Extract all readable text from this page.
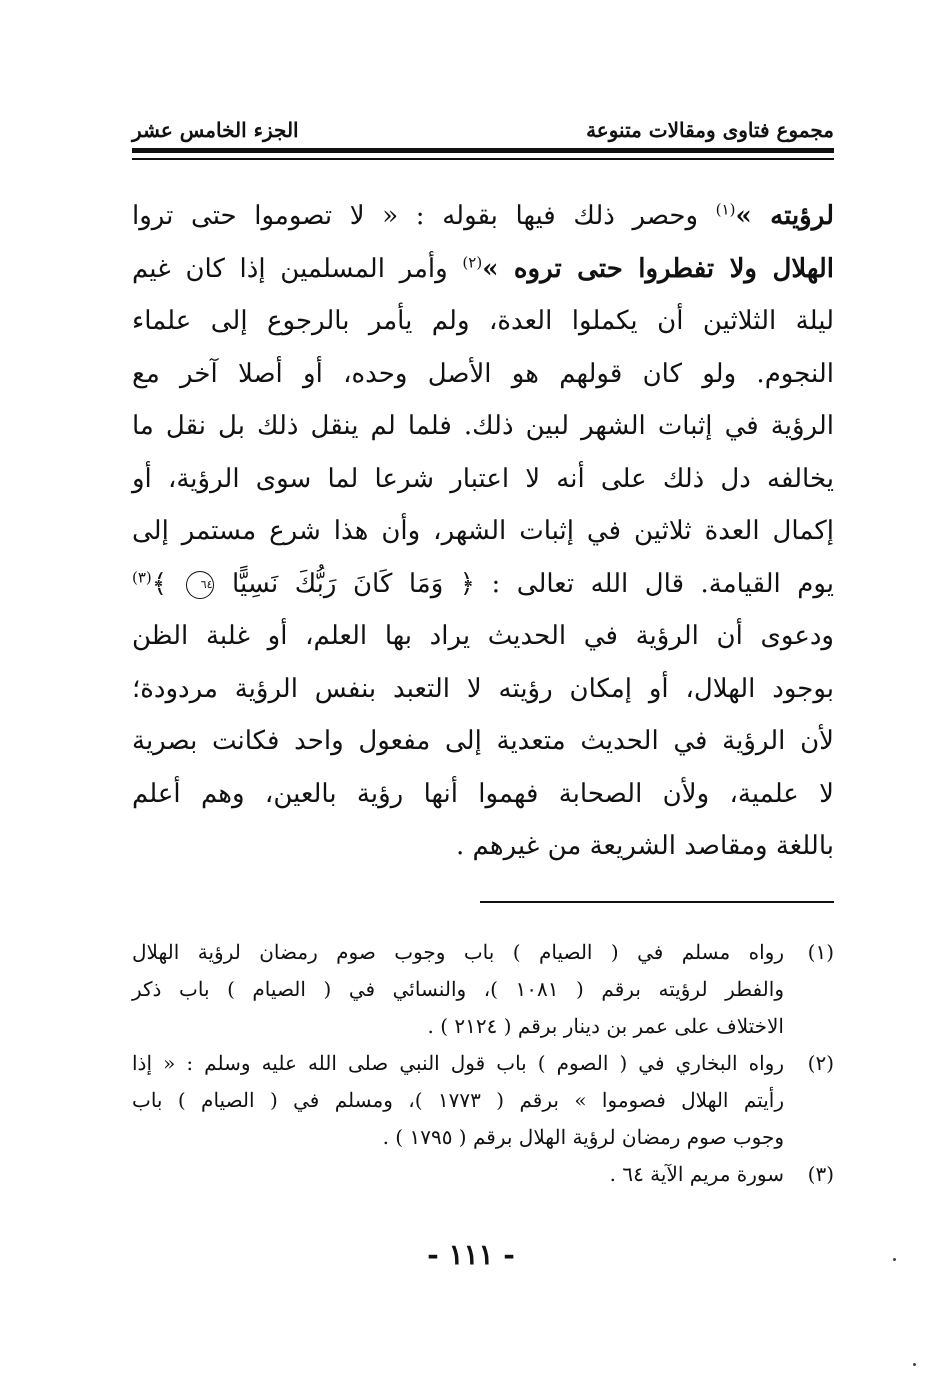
مجموع فتاوى ومقالات متنوعة
الجزء الخامس عشر
لرؤيته »$^{(١)}$ وحصر ذلك فيها بقوله : « لا تصوموا حتى تروا
الهلال ولا تفطروا حتى تروه »$^{(٢)}$ وأمر المسلمين إذا كان غيم
ليلة الثلاثين أن يكملوا العدة، ولم يأمر بالرجوع إلى علماء
النجوم. ولو كان قولهم هو الأصل وحده، أو أصلا آخر مع
الرؤية في إثبات الشهر لبين ذلك. فلما لم ينقل ذلك بل نقل ما
يخالفه دل ذلك على أنه لا اعتبار شرعا لما سوى الرؤية، أو
إكمال العدة ثلاثين في إثبات الشهر، وأن هذا شرع مستمر إلى
يوم القيامة. قال الله تعالى : ﴿ وَمَا كَانَ رَبُّكَ نَسِيًّا ٦٤ ﴾$^{(٣)}$
ودعوى أن الرؤية في الحديث يراد بها العلم، أو غلبة الظن
بوجود الهلال، أو إمكان رؤيته لا التعبد بنفس الرؤية مردودة؛
لأن الرؤية في الحديث متعدية إلى مفعول واحد فكانت بصرية
لا علمية، ولأن الصحابة فهموا أنها رؤية بالعين، وهم أعلم
باللغة ومقاصد الشريعة من غيرهم .
(١)
رواه مسلم في ( الصيام ) باب وجوب صوم رمضان لرؤية الهلال
والفطر لرؤيته برقم ( ١٠٨١ )، والنسائي في ( الصيام ) باب ذكر
الاختلاف على عمر بن دينار برقم ( ٢١٢٤ ) .
(٢)
رواه البخاري في ( الصوم ) باب قول النبي صلى الله عليه وسلم : « إذا
رأيتم الهلال فصوموا » برقم ( ١٧٧٣ )، ومسلم في ( الصيام ) باب
وجوب صوم رمضان لرؤية الهلال برقم ( ١٧٩٥ ) .
(٣)
سورة مريم الآية ٦٤ .
- ١١١ -
